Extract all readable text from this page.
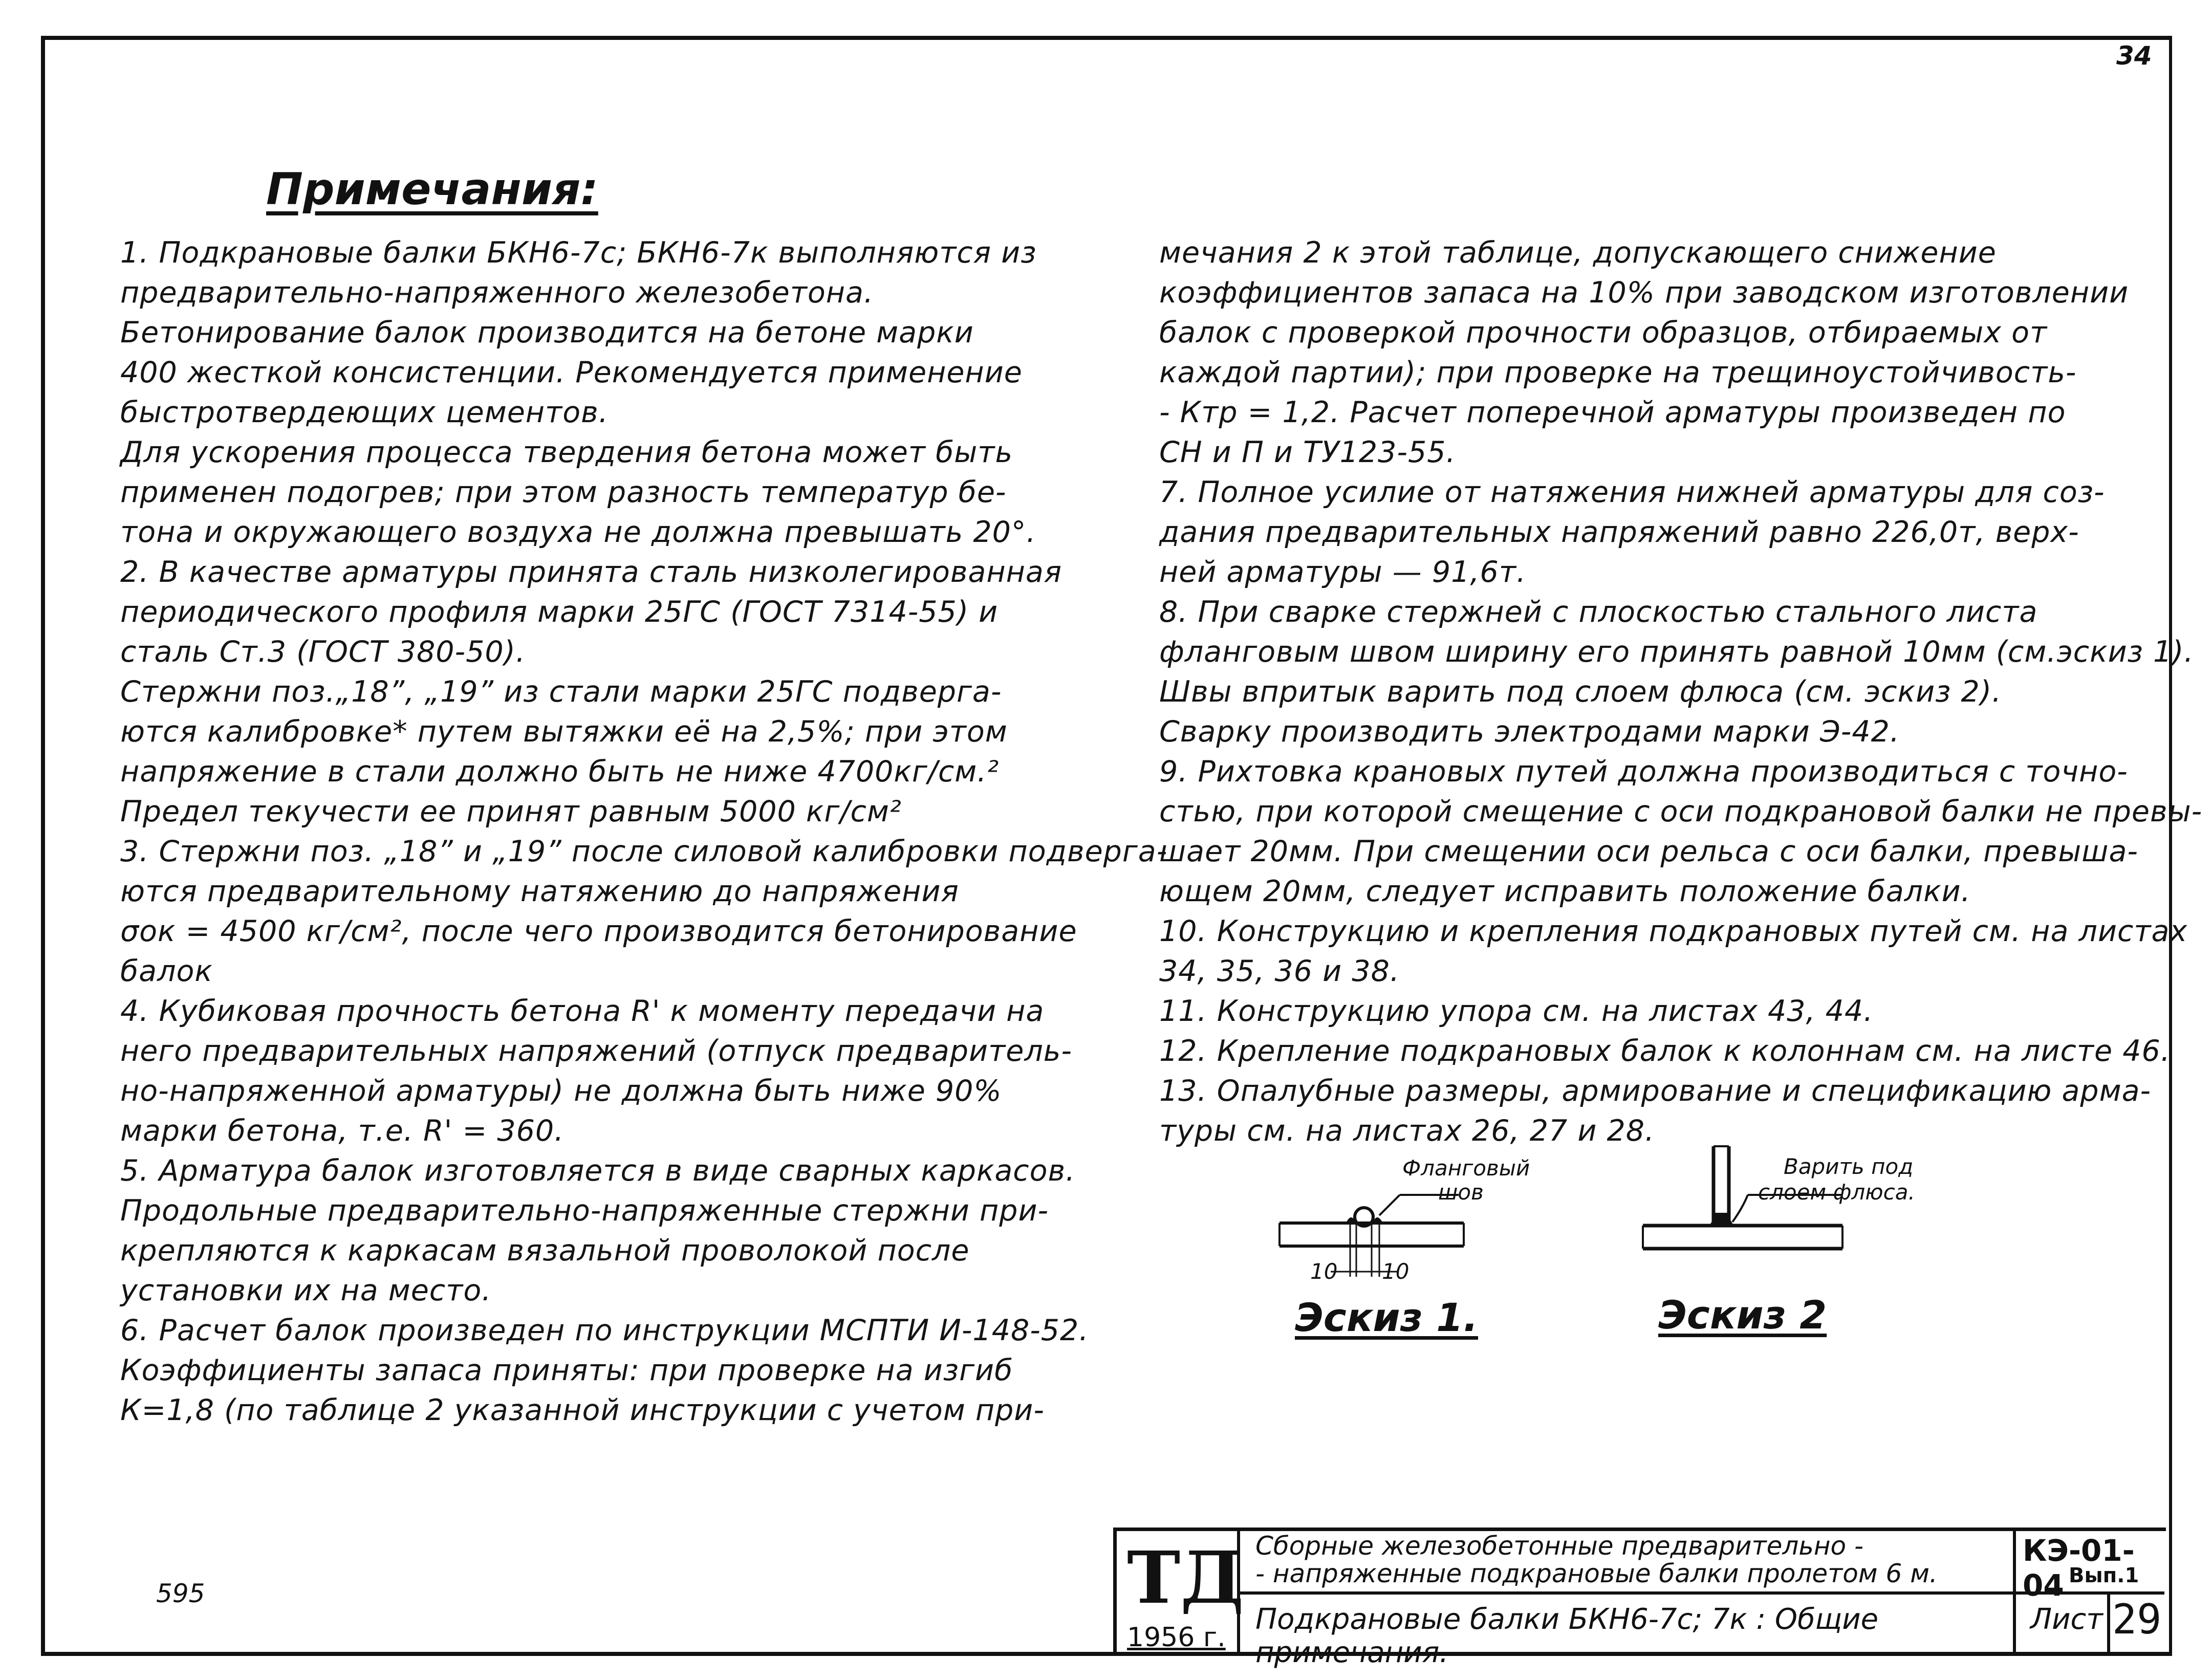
34
Примечания:

1. Подкрановые балки БКН6-7с; БКН6-7к выполняются из

предварительно-напряженного железобетона.

Бетонирование балок производится на бетоне марки

400 жесткой консистенции. Рекомендуется применение

быстротвердеющих цементов.

Для ускорения процесса твердения бетона может быть

применен подогрев; при этом разность температур бе-

тона и окружающего воздуха не должна превышать 20°.

2. В качестве арматуры принята сталь низколегированная

периодического профиля марки 25ГС (ГОСТ 7314-55) и

сталь Ст.3 (ГОСТ 380-50).

Стержни поз.„18”, „19” из стали марки 25ГС подверга-

ются калибровке* путем вытяжки её на 2,5%; при этом

напряжение в стали должно быть не ниже 4700кг/см.²

Предел текучести ее принят равным 5000 кг/см²

3. Стержни поз. „18” и „19” после силовой калибровки подверга-

ются предварительному натяжению до напряжения

σок = 4500 кг/см², после чего производится бетонирование

балок

4. Кубиковая прочность бетона R' к моменту передачи на

него предварительных напряжений (отпуск предваритель-

но-напряженной арматуры) не должна быть ниже 90%

марки бетона, т.е. R' = 360.

5. Арматура балок изготовляется в виде сварных каркасов.

Продольные предварительно-напряженные стержни при-

крепляются к каркасам вязальной проволокой после

установки их на место.

6. Расчет балок произведен по инструкции МСПТИ И-148-52.

Коэффициенты запаса приняты: при проверке на изгиб

К=1,8 (по таблице 2 указанной инструкции с учетом при-

мечания 2 к этой таблице, допускающего снижение

коэффициентов запаса на 10% при заводском изготовлении

балок с проверкой прочности образцов, отбираемых от

каждой партии); при проверке на трещиноустойчивость-

- Ктр = 1,2. Расчет поперечной арматуры произведен по

СН и П и ТУ123-55.

7. Полное усилие от натяжения нижней арматуры для соз-

дания предварительных напряжений равно 226,0т, верх-

ней арматуры — 91,6т.

8. При сварке стержней с плоскостью стального листа

фланговым швом ширину его принять равной 10мм (см.эскиз 1).

Швы впритык варить под слоем флюса (см. эскиз 2).

Сварку производить электродами марки Э-42.

9. Рихтовка крановых путей должна производиться с точно-

стью, при которой смещение с оси подкрановой балки не превы-

шает 20мм. При смещении оси рельса с оси балки, превыша-

ющем 20мм, следует исправить положение балки.

10. Конструкцию и крепления подкрановых путей см. на листах

34, 35, 36 и 38.

11. Конструкцию упора см. на листах 43, 44.

12. Крепление подкрановых балок к колоннам см. на листе 46.

13. Опалубные размеры, армирование и спецификацию арма-

туры см. на листах 26, 27 и 28.

Фланговый
шов
10 10
Эскиз 1.
Варить под
слоем флюса.
Эскиз 2
595	ТД
1956 г.
Сборные железобетонные предварительно -
- напряженные подкрановые балки пролетом 6 м.
Подкрановые балки БКН6-7с; 7к : Общие примечания.
КЭ-01-04 Вып.1
Лист 29
